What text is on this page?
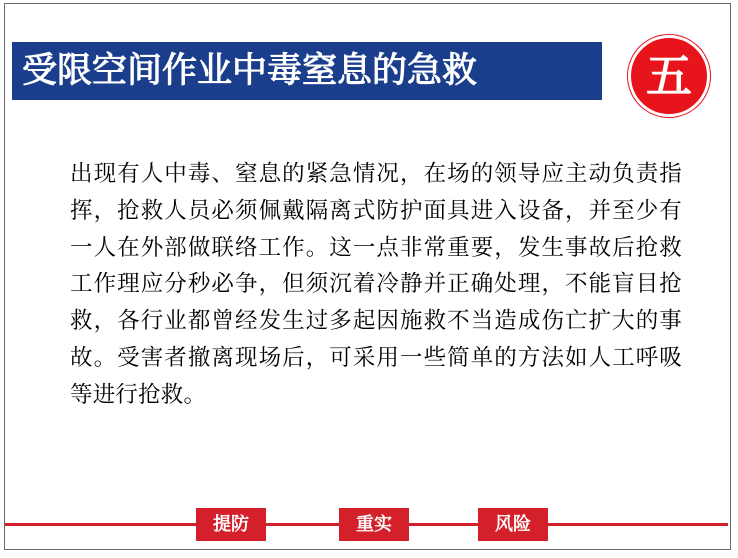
受限空间作业中毒窒息的急救	五

出现有人中毒、窒息的紧急情况，在场的领导应主动负责指挥，抢救人员必须佩戴隔离式防护面具进入设备，并至少有一人在外部做联络工作。这一点非常重要，发生事故后抢救工作理应分秒必争，但须沉着冷静并正确处理，不能盲目抢救，各行业都曾经发生过多起因施救不当造成伤亡扩大的事故。受害者撤离现场后，可采用一些简单的方法如人工呼吸等进行抢救。

提防	重实	风险
